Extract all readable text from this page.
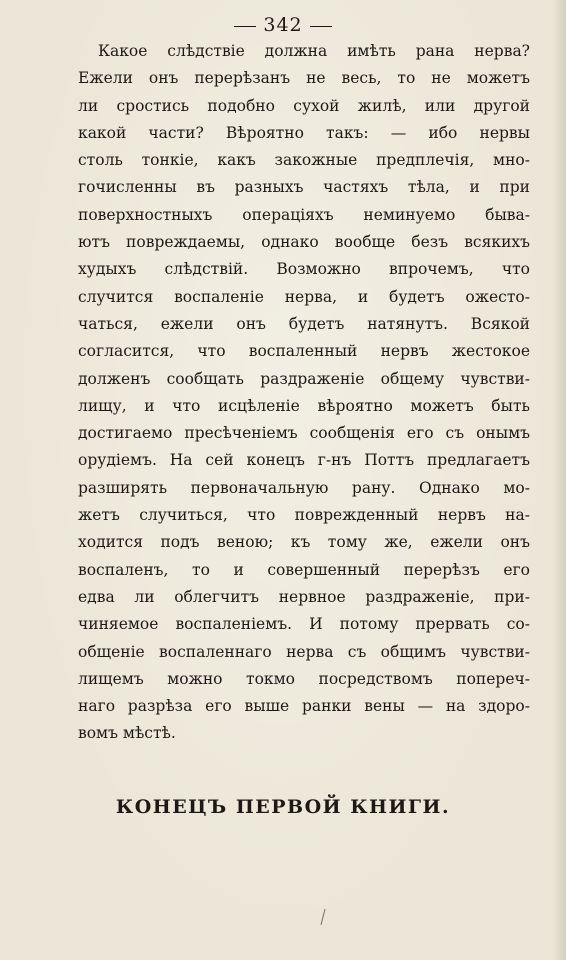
342
Какое слѣдствіе должна имѣть рана нерва?
Ежели онъ перерѣзанъ не весь, то не можетъ
ли сростись подобно сухой жилѣ, или другой
какой части? Вѣроятно такъ: — ибо нервы
столь тонкіе, какъ закожные предплечія, мно-
гочисленны въ разныхъ частяхъ тѣла, и при
поверхностныхъ операціяхъ неминуемо быва-
ютъ повреждаемы, однако вообще безъ всякихъ
худыхъ слѣдствій. Возможно впрочемъ, что
случится воспаленіе нерва, и будетъ ожесто-
чаться, ежели онъ будетъ натянутъ. Всякой
согласится, что воспаленный нервъ жестокое
долженъ сообщать раздраженіе общему чувстви-
лищу, и что исцѣленіе вѣроятно можетъ быть
достигаемо пресѣченіемъ сообщенія его съ онымъ
орудіемъ. На сей конецъ г-нъ Поттъ предлагаетъ
разширять первоначальную рану. Однако мо-
жетъ случиться, что поврежденный нервъ на-
ходится подъ веною; къ тому же, ежели онъ
воспаленъ, то и совершенный перерѣзъ его
едва ли облегчитъ нервное раздраженіе, при-
чиняемое воспаленіемъ. И потому прервать со-
общеніе воспаленнаго нерва съ общимъ чувстви-
лищемъ можно токмо посредствомъ попереч-
наго разрѣза его выше ранки вены — на здоро-
вомъ мѣстѣ.
КОНЕЦЪ ПЕРВОЙ КНИГИ.
